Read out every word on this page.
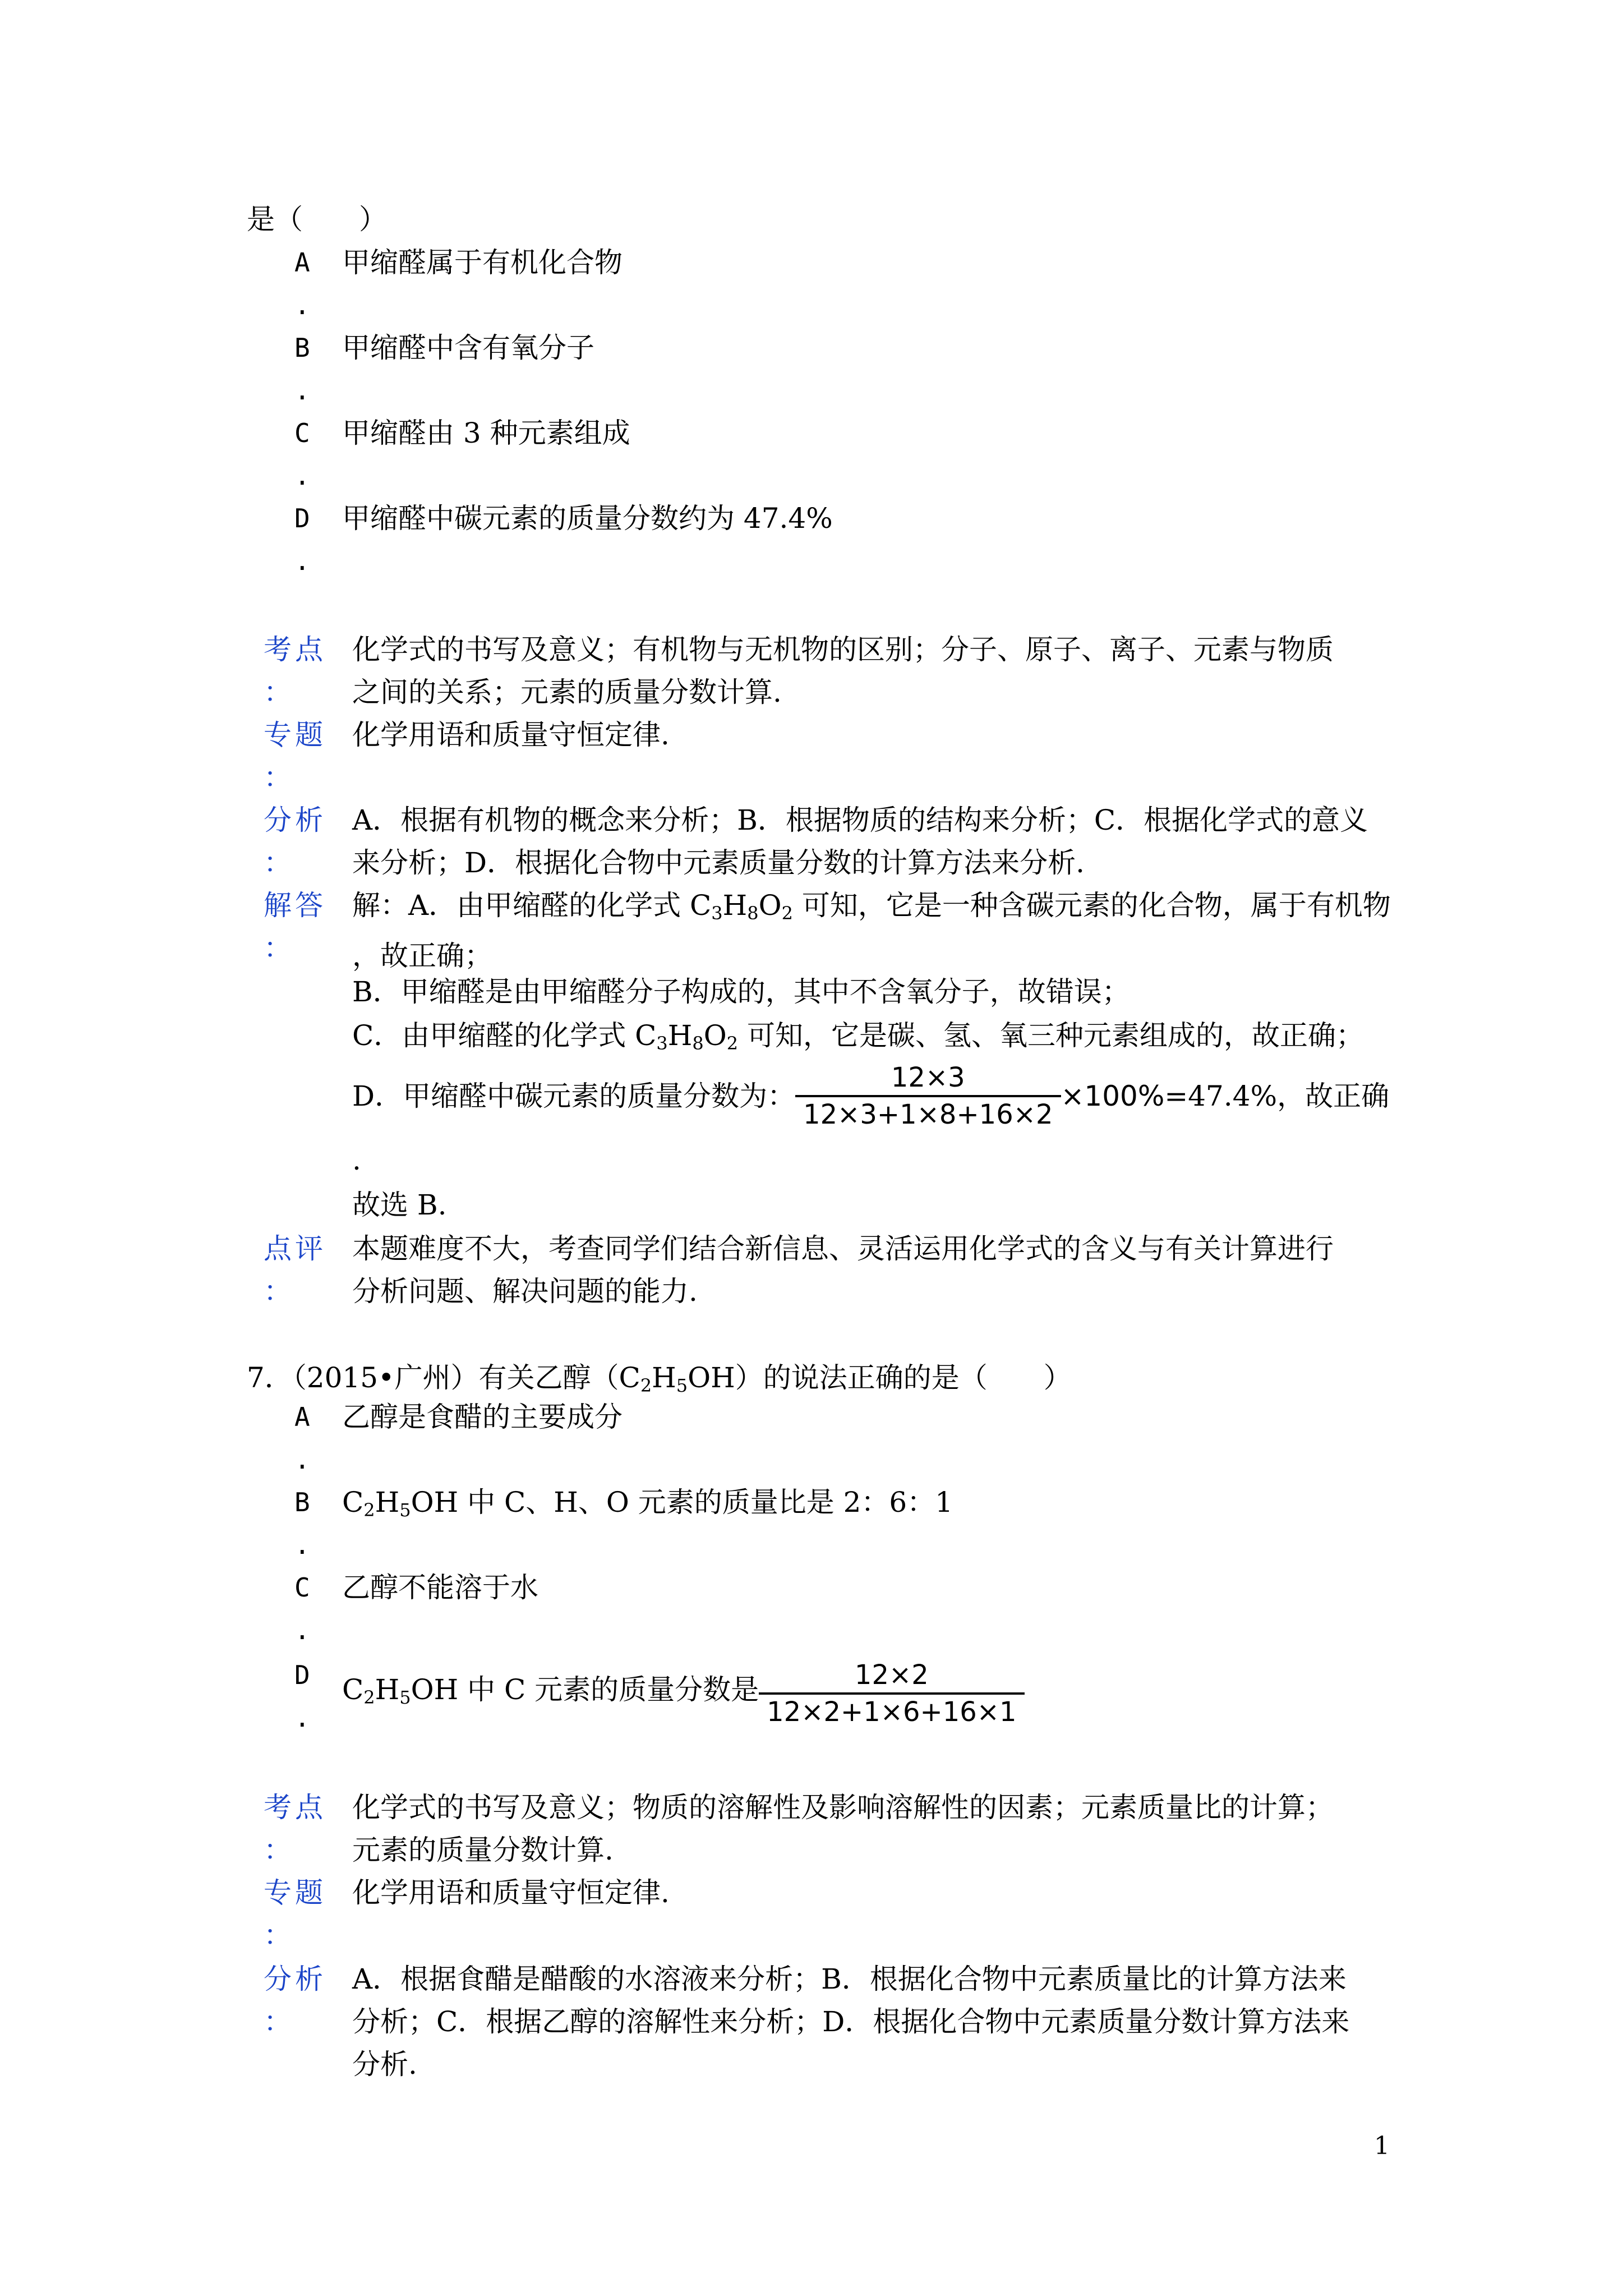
是（　　）
A
.
甲缩醛属于有机化合物
B
.
甲缩醛中含有氧分子
C
.
甲缩醛由 3 种元素组成
D
.
甲缩醛中碳元素的质量分数约为 47.4%
考点
：
化学式的书写及意义；有机物与无机物的区别；分子、原子、离子、元素与物质
之间的关系；元素的质量分数计算.
专题
：
化学用语和质量守恒定律.
分析
：
A．根据有机物的概念来分析；B．根据物质的结构来分析；C．根据化学式的意义
来分析；D．根据化合物中元素质量分数的计算方法来分析.
解答
：
解：A．由甲缩醛的化学式 $C_3H_8O_2$ 可知，它是一种含碳元素的化合物，属于有机物
，故正确；
B．甲缩醛是由甲缩醛分子构成的，其中不含氧分子，故错误；
C．由甲缩醛的化学式 $C_3H_8O_2$ 可知，它是碳、氢、氧三种元素组成的，故正确；
D．甲缩醛中碳元素的质量分数为： $\frac{12\times 3}{12\times 3+1\times 8+16\times 2} \times 100\%=47.4\%$，故正确
.
故选 B.
点评
：
本题难度不大，考查同学们结合新信息、灵活运用化学式的含义与有关计算进行
分析问题、解决问题的能力.
7．（2015•广州）有关乙醇$(C_2H_5OH)$的说法正确的是（　　）
A
.
乙醇是食醋的主要成分
B
.
$C_2H_5OH$ 中 C、H、O 元素的质量比是 2：6：1
C
.
乙醇不能溶于水
D
.
$C_2H_5OH$ 中 C 元素的质量分数是 $\frac{12\times 2}{12\times 2+1\times 6+16\times 1}$
考点
：
化学式的书写及意义；物质的溶解性及影响溶解性的因素；元素质量比的计算；
元素的质量分数计算.
专题
：
化学用语和质量守恒定律.
分析
：
A．根据食醋是醋酸的水溶液来分析；B．根据化合物中元素质量比的计算方法来
分析；C．根据乙醇的溶解性来分析；D．根据化合物中元素质量分数计算方法来
分析.
1
